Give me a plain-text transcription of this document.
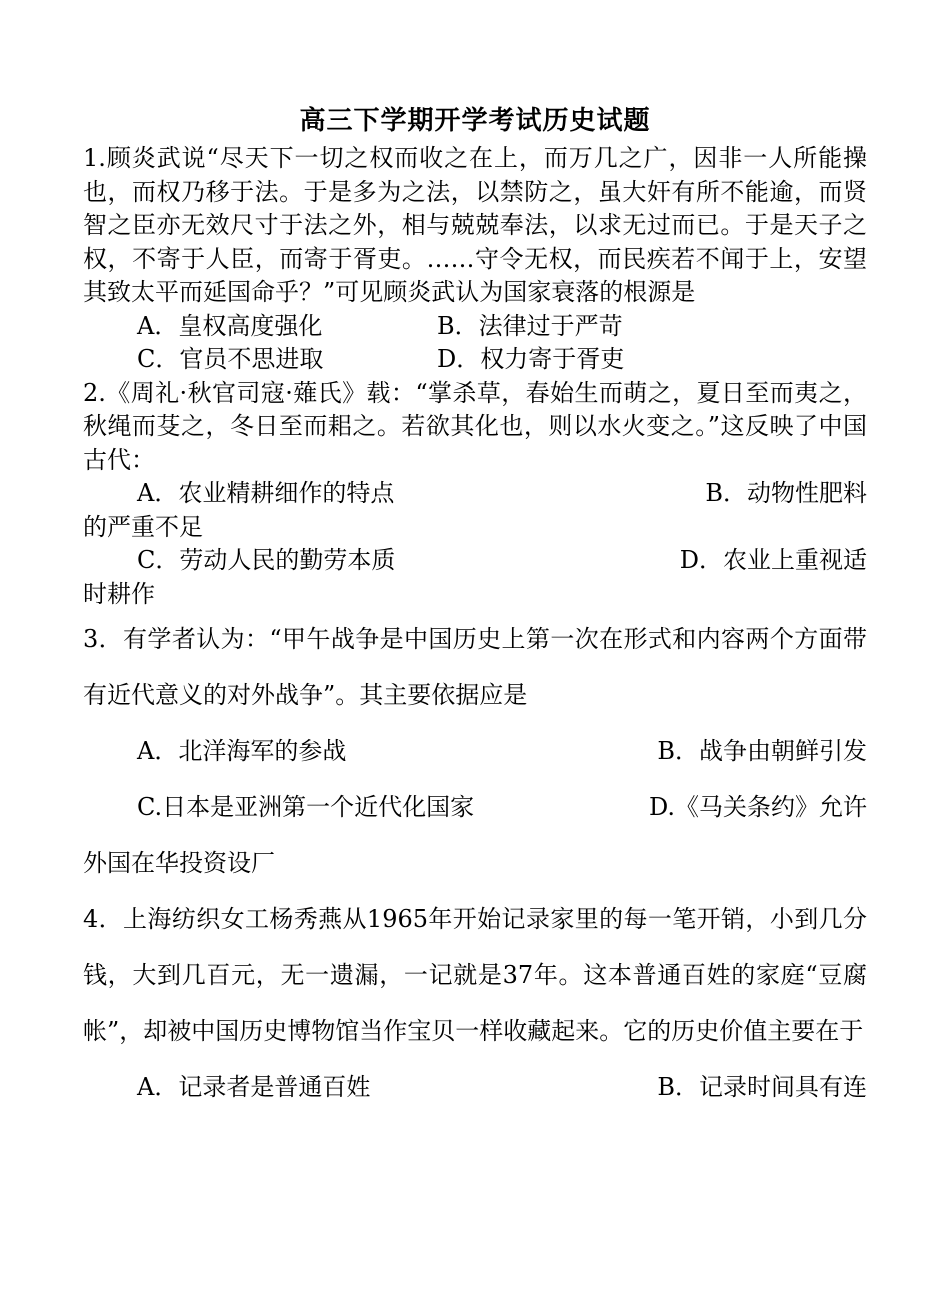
高三下学期开学考试历史试题

1.顾炎武说“尽天下一切之权而收之在上，而万几之广，因非一人所能操也，而权乃移于法。于是多为之法，以禁防之，虽大奸有所不能逾，而贤智之臣亦无效尺寸于法之外，相与兢兢奉法，以求无过而已。于是天子之权，不寄于人臣，而寄于胥吏。……守令无权，而民疾若不闻于上，安望其致太平而延国命乎？”可见顾炎武认为国家衰落的根源是

A．皇权高度强化	B．法律过于严苛
C．官员不思进取	D．权力寄于胥吏

2.《周礼·秋官司寇·薙氏》载：“掌杀草，春始生而萌之，夏日至而夷之，秋绳而芟之，冬日至而耜之。若欲其化也，则以水火变之。”这反映了中国古代：

A．农业精耕细作的特点	B．动物性肥料

的严重不足

C．劳动人民的勤劳本质	D．农业上重视适

时耕作

3．有学者认为：“甲午战争是中国历史上第一次在形式和内容两个方面带有近代意义的对外战争”。其主要依据应是

A．北洋海军的参战	B．战争由朝鲜引发
C.日本是亚洲第一个近代化国家	D.《马关条约》允许

外国在华投资设厂

4．上海纺织女工杨秀燕从1965年开始记录家里的每一笔开销，小到几分钱，大到几百元，无一遗漏，一记就是37年。这本普通百姓的家庭“豆腐帐”，却被中国历史博物馆当作宝贝一样收藏起来。它的历史价值主要在于

A．记录者是普通百姓	B．记录时间具有连
